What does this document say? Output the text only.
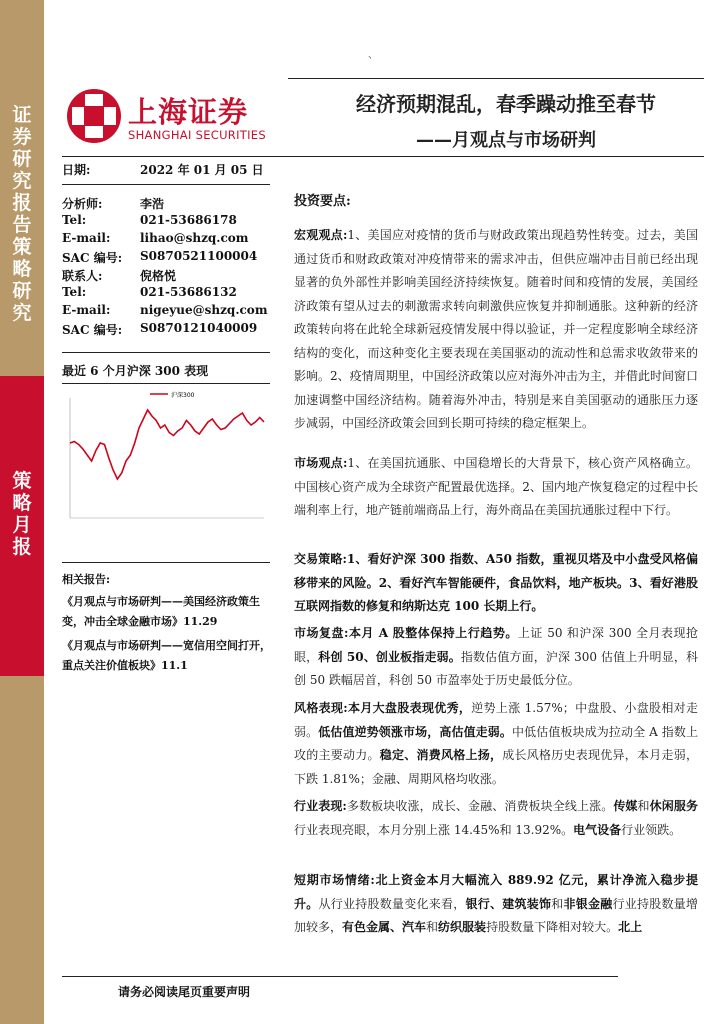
证券研究报告 策略研究
策略月报
、
上海证券
SHANGHAI SECURITIES
经济预期混乱，春季躁动推至春节
——月观点与市场研判
日期:	2022 年 01 月 05 日
分析师:	李浩
Tel:	021-53686178
E-mail: lihao@shzq.com
SAC 编号: S0870521100004
联系人:	倪格悦
Tel:	021-53686132
E-mail: nigeyue@shzq.com
SAC 编号: S0870121040009
最近 6 个月沪深 300 表现
沪深300
相关报告:
《月观点与市场研判——美国经济政策生变，冲击全球金融市场》11.29
《月观点与市场研判——宽信用空间打开，重点关注价值板块》11.1
投资要点:
宏观观点:1、美国应对疫情的货币与财政政策出现趋势性转变。过去，美国通过货币和财政政策对冲疫情带来的需求冲击，但供应端冲击目前已经出现显著的负外部性并影响美国经济持续恢复。随着时间和疫情的发展，美国经济政策有望从过去的刺激需求转向刺激供应恢复并抑制通胀。这种新的经济政策转向将在此轮全球新冠疫情发展中得以验证，并一定程度影响全球经济结构的变化，而这种变化主要表现在美国驱动的流动性和总需求收敛带来的影响。2、疫情周期里，中国经济政策以应对海外冲击为主，并借此时间窗口加速调整中国经济结构。随着海外冲击，特别是来自美国驱动的通胀压力逐步减弱，中国经济政策会回到长期可持续的稳定框架上。
市场观点:1、在美国抗通胀、中国稳增长的大背景下，核心资产风格确立。中国核心资产成为全球资产配置最优选择。2、国内地产恢复稳定的过程中长端利率上行，地产链前端商品上行，海外商品在美国抗通胀过程中下行。
交易策略:1、看好沪深 300 指数、A50 指数，重视贝塔及中小盘受风格偏移带来的风险。2、看好汽车智能硬件，食品饮料，地产板块。3、看好港股互联网指数的修复和纳斯达克 100 长期上行。
市场复盘:本月 A 股整体保持上行趋势。上证 50 和沪深 300 全月表现抢眼，科创 50、创业板指走弱。指数估值方面，沪深 300 估值上升明显，科创 50 跌幅居首，科创 50 市盈率处于历史最低分位。
风格表现:本月大盘股表现优秀，逆势上涨 1.57%；中盘股、小盘股相对走弱。低估值逆势领涨市场，高估值走弱。中低估值板块成为拉动全 A 指数上攻的主要动力。稳定、消费风格上扬，成长风格历史表现优异，本月走弱，下跌 1.81%；金融、周期风格均收涨。
行业表现:多数板块收涨，成长、金融、消费板块全线上涨。传媒和休闲服务行业表现亮眼，本月分别上涨 14.45%和 13.92%。电气设备行业领跌。
短期市场情绪:北上资金本月大幅流入 889.92 亿元，累计净流入稳步提升。从行业持股数量变化来看，银行、建筑装饰和非银金融行业持股数量增加较多，有色金属、汽车和纺织服装持股数量下降相对较大。北上
请务必阅读尾页重要声明
